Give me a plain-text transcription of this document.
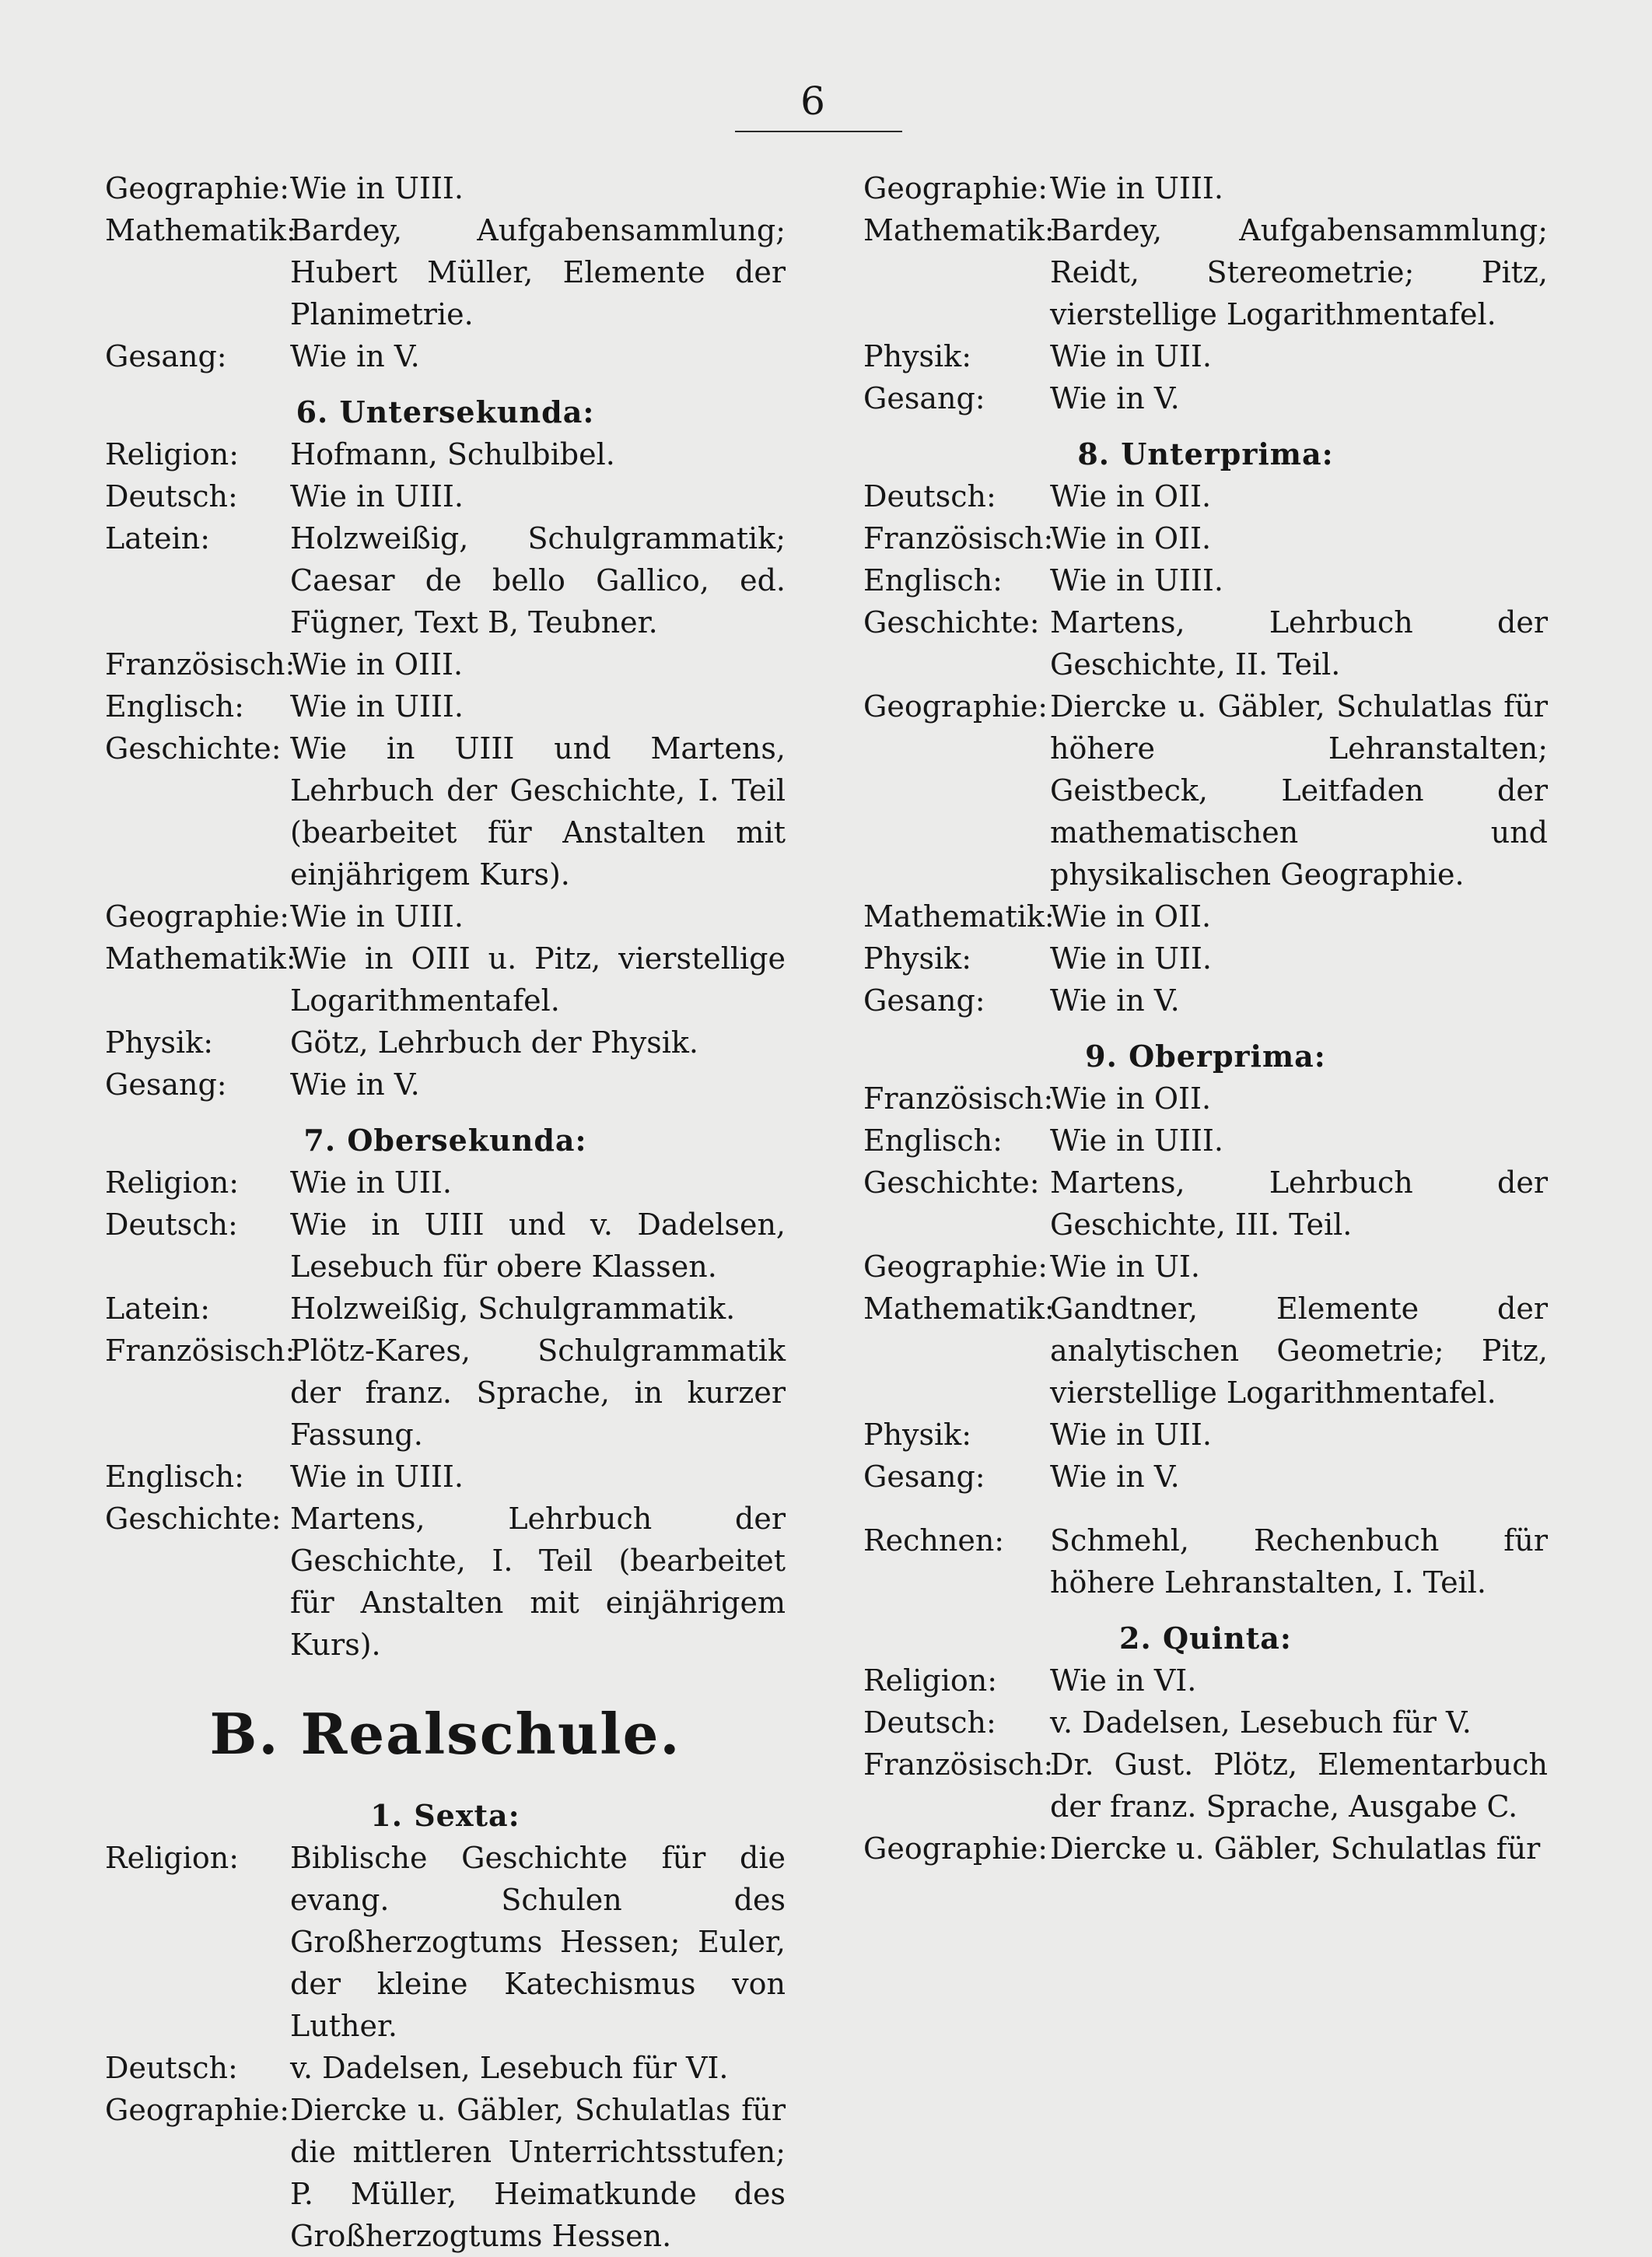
6
Geographie: Wie in UIII.
Mathematik:
Bardey, Aufgabensammlung; Hubert Müller, Elemente der Planimetrie.
Gesang: Wie in V.
6. Untersekunda:
Religion: Hofmann, Schulbibel.
Deutsch: Wie in UIII.
Latein:	Holzweißig, Schulgrammatik; Caesar de bello Gallico, ed. Fügner, Text B, Teubner.
Französisch:
Wie in OIII.
Englisch: Wie in UIII.
Geschichte: Wie in UIII und Martens, Lehrbuch der Geschichte, I. Teil (bearbeitet für Anstalten mit einjährigem Kurs).
Geographie: Wie in UIII.
Mathematik:
Wie in OIII u. Pitz, vierstellige Logarithmentafel.
Physik:	Götz, Lehrbuch der Physik.
Gesang: Wie in V.
7. Obersekunda:
Religion: Wie in UII.
Deutsch: Wie in UIII und v. Dadelsen, Lesebuch für obere Klassen.
Latein:	Holzweißig, Schulgrammatik.
Französisch:
Plötz-Kares, Schulgrammatik der franz. Sprache, in kurzer Fassung.
Englisch: Wie in UIII.
Geschichte: Martens, Lehrbuch der Geschichte, I. Teil (bearbeitet für Anstalten mit einjährigem Kurs).
B. Realschule.
1. Sexta:
Religion: Biblische Geschichte für die evang. Schulen des Großherzogtums Hessen; Euler, der kleine Katechismus von Luther.
Deutsch: v. Dadelsen, Lesebuch für VI.
Geographie: Diercke u. Gäbler, Schulatlas für die mittleren Unterrichtsstufen; P. Müller, Heimatkunde des Großherzogtums Hessen.
Geographie: Wie in UIII.
Mathematik:
Bardey, Aufgabensammlung; Reidt, Stereometrie; Pitz, vierstellige Logarithmentafel.
Physik:	Wie in UII.
Gesang: Wie in V.
8. Unterprima:
Deutsch: Wie in OII.
Französisch:
Wie in OII.
Englisch: Wie in UIII.
Geschichte: Martens, Lehrbuch der Geschichte, II. Teil.
Geographie: Diercke u. Gäbler, Schulatlas für höhere Lehranstalten; Geistbeck, Leitfaden der mathematischen und physikalischen Geographie.
Mathematik:
Wie in OII.
Physik:	Wie in UII.
Gesang: Wie in V.
9. Oberprima:
Französisch:
Wie in OII.
Englisch: Wie in UIII.
Geschichte: Martens, Lehrbuch der Geschichte, III. Teil.
Geographie: Wie in UI.
Mathematik:
Gandtner, Elemente der analytischen Geometrie; Pitz, vierstellige Logarithmentafel.
Physik:	Wie in UII.
Gesang: Wie in V.
Rechnen: Schmehl, Rechenbuch für höhere Lehranstalten, I. Teil.
2. Quinta:
Religion: Wie in VI.
Deutsch: v. Dadelsen, Lesebuch für V.
Französisch:
Dr. Gust. Plötz, Elementarbuch der franz. Sprache, Ausgabe C.
Geographie: Diercke u. Gäbler, Schulatlas für
